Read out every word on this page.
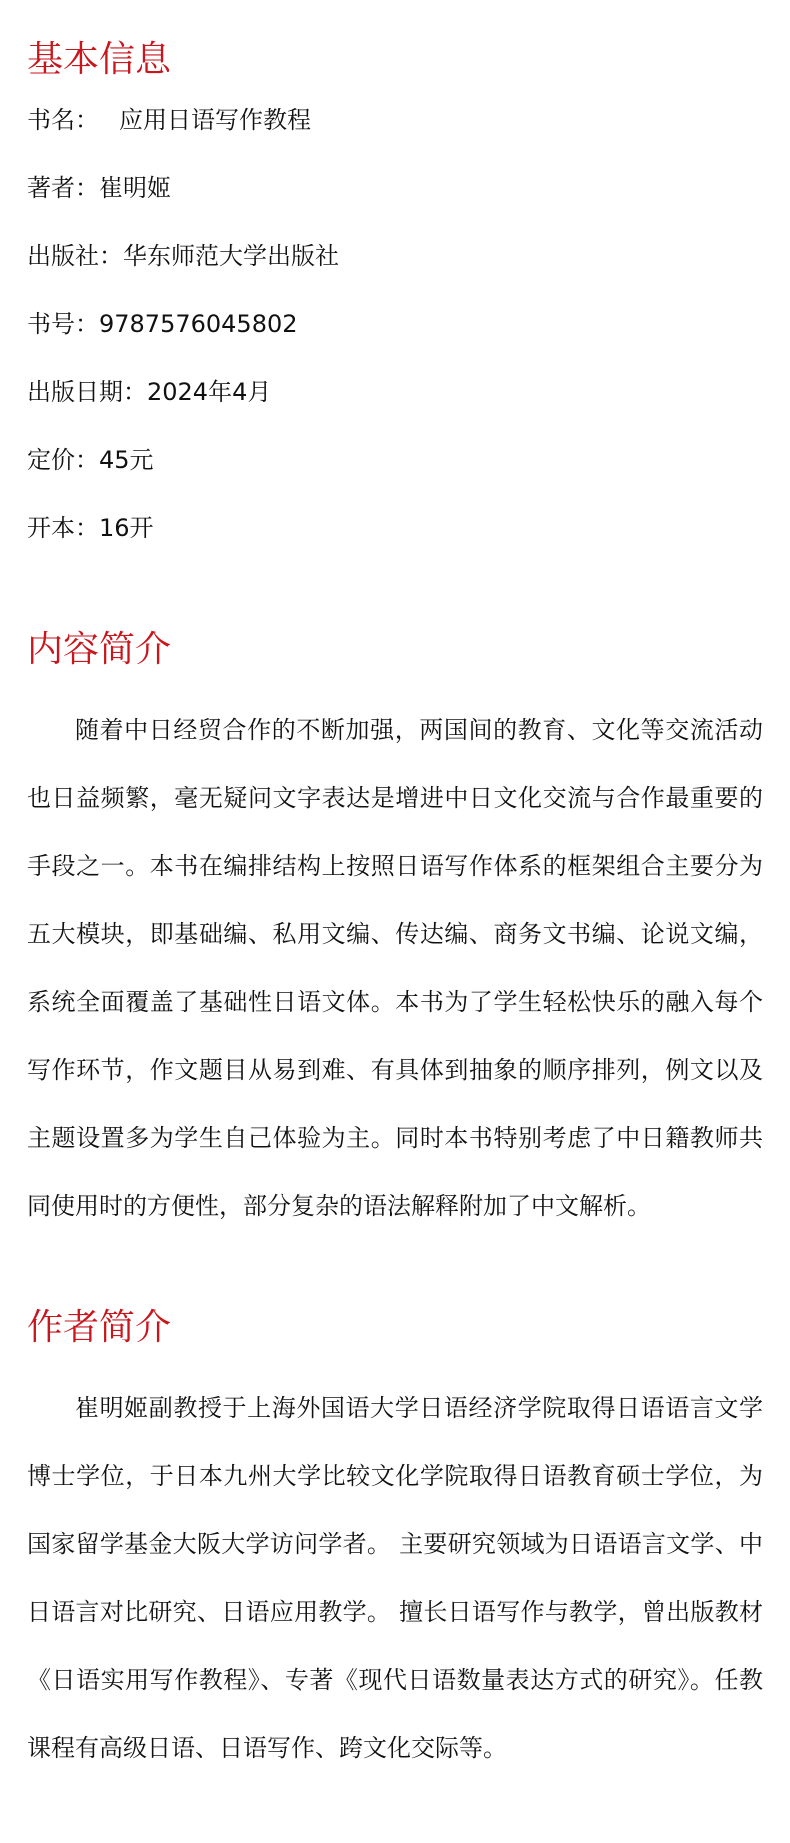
基本信息
书名： 应用日语写作教程
著者：崔明姬
出版社：华东师范大学出版社
书号：9787576045802
出版日期：2024年4月
定价：45元
开本：16开
内容简介

随着中日经贸合作的不断加强，两国间的教育、文化等交流活动也日益频繁，毫无疑问文字表达是增进中日文化交流与合作最重要的手段之一。本书在编排结构上按照日语写作体系的框架组合主要分为五大模块，即基础编、私用文编、传达编、商务文书编、论说文编，系统全面覆盖了基础性日语文体。本书为了学生轻松快乐的融入每个写作环节，作文题目从易到难、有具体到抽象的顺序排列，例文以及主题设置多为学生自己体验为主。同时本书特别考虑了中日籍教师共同使用时的方便性，部分复杂的语法解释附加了中文解析。

作者简介

崔明姬副教授于上海外国语大学日语经济学院取得日语语言文学博士学位，于日本九州大学比较文化学院取得日语教育硕士学位，为国家留学基金大阪大学访问学者。 主要研究领域为日语语言文学、中日语言对比研究、日语应用教学。 擅长日语写作与教学，曾出版教材《日语实用写作教程》、专著《现代日语数量表达方式的研究》。任教课程有高级日语、日语写作、跨文化交际等。
